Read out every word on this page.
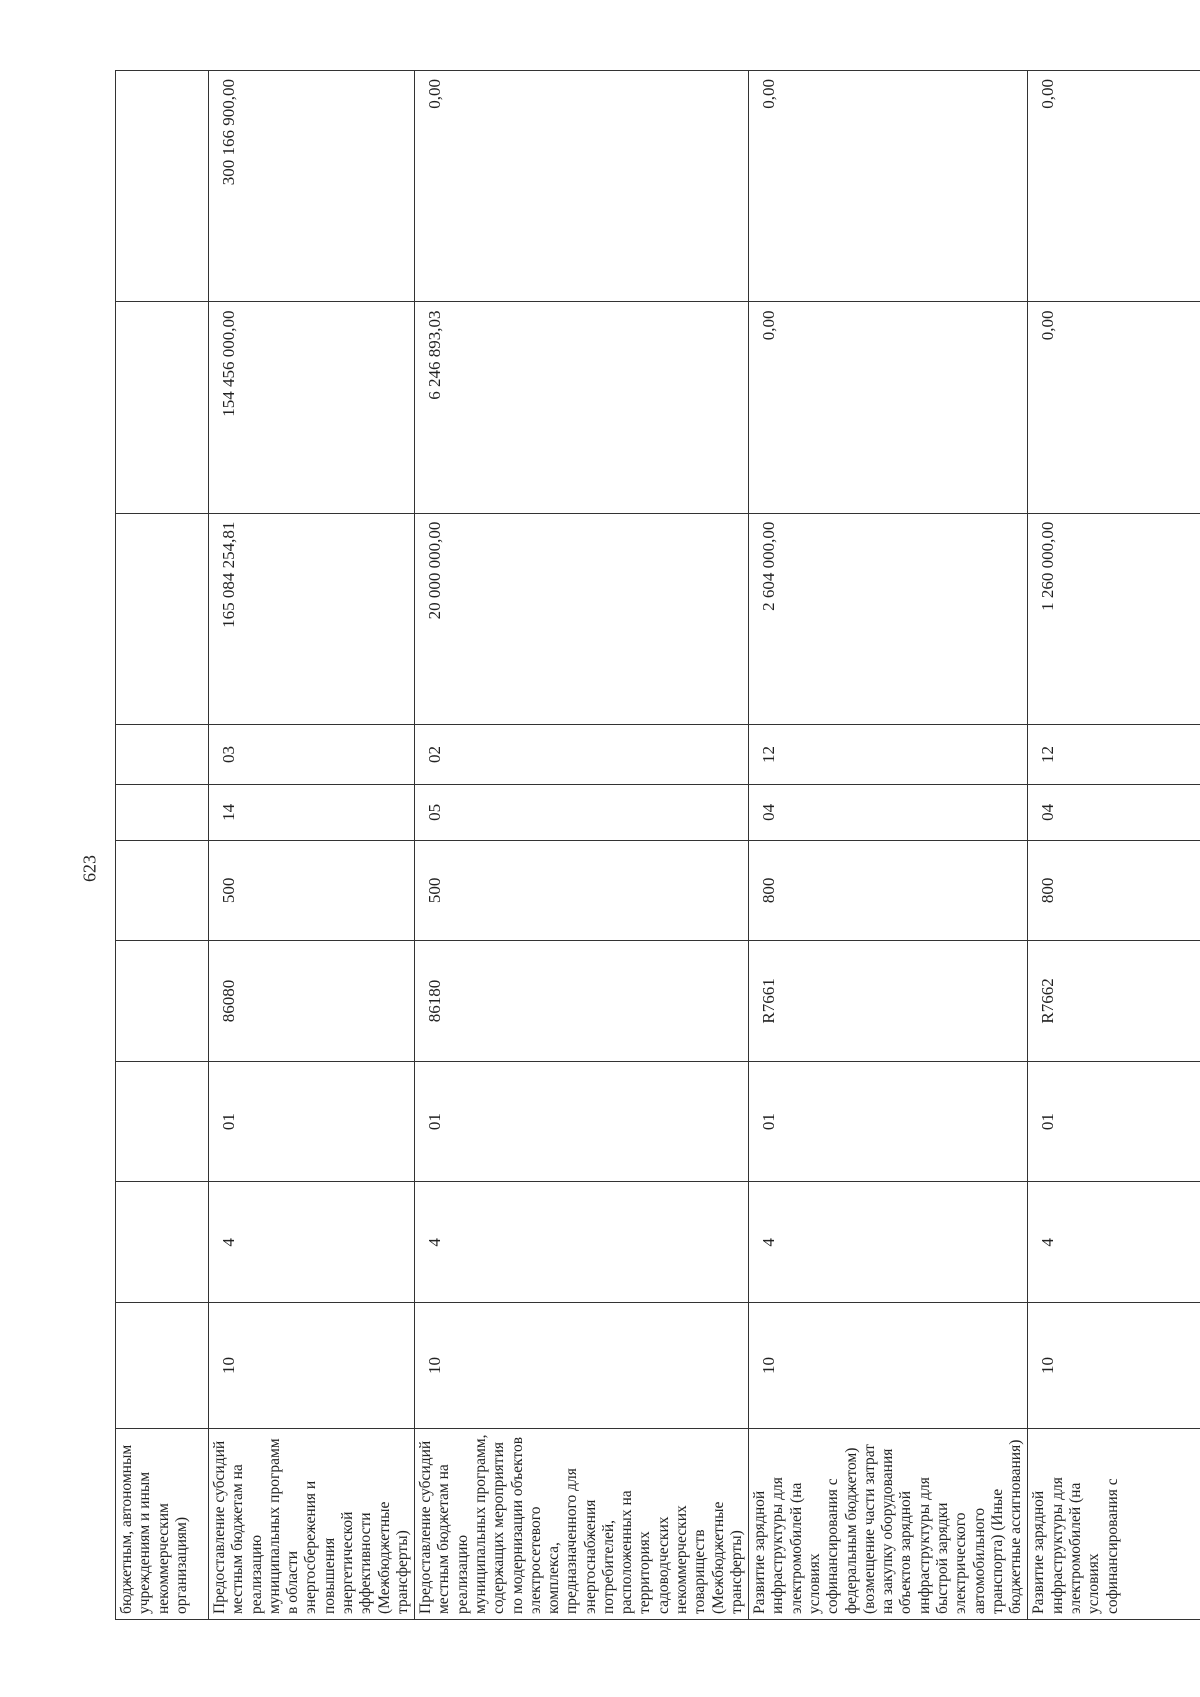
623
бюджетным, автономным учреждениям и иным некоммерческим организациям)										
Предоставление субсидий местным бюджетам на реализацию муниципальных программ в области энергосбережения и повышения энергетической эффективности (Межбюджетные трансферты)	10	4	01	86080	500	14	03	165 084 254,81	154 456 000,00	300 166 900,00
Предоставление субсидий местным бюджетам на реализацию муниципальных программ, содержащих мероприятия по модернизации объектов электросетевого комплекса, предназначенного для энергоснабжения потребителей, расположенных на территориях садоводческих некоммерческих товариществ (Межбюджетные трансферты)	10	4	01	86180	500	05	02	20 000 000,00	6 246 893,03	0,00
Развитие зарядной инфраструктуры для электромобилей (на условиях софинансирования с федеральным бюджетом) (возмещение части затрат на закупку оборудования объектов зарядной инфраструктуры для быстрой зарядки электрического автомобильного транспорта) (Иные бюджетные ассигнования)	10	4	01	R7661	800	04	12	2 604 000,00	0,00	0,00
Развитие зарядной инфраструктуры для электромобилей (на условиях софинансирования с	10	4	01	R7662	800	04	12	1 260 000,00	0,00	0,00
